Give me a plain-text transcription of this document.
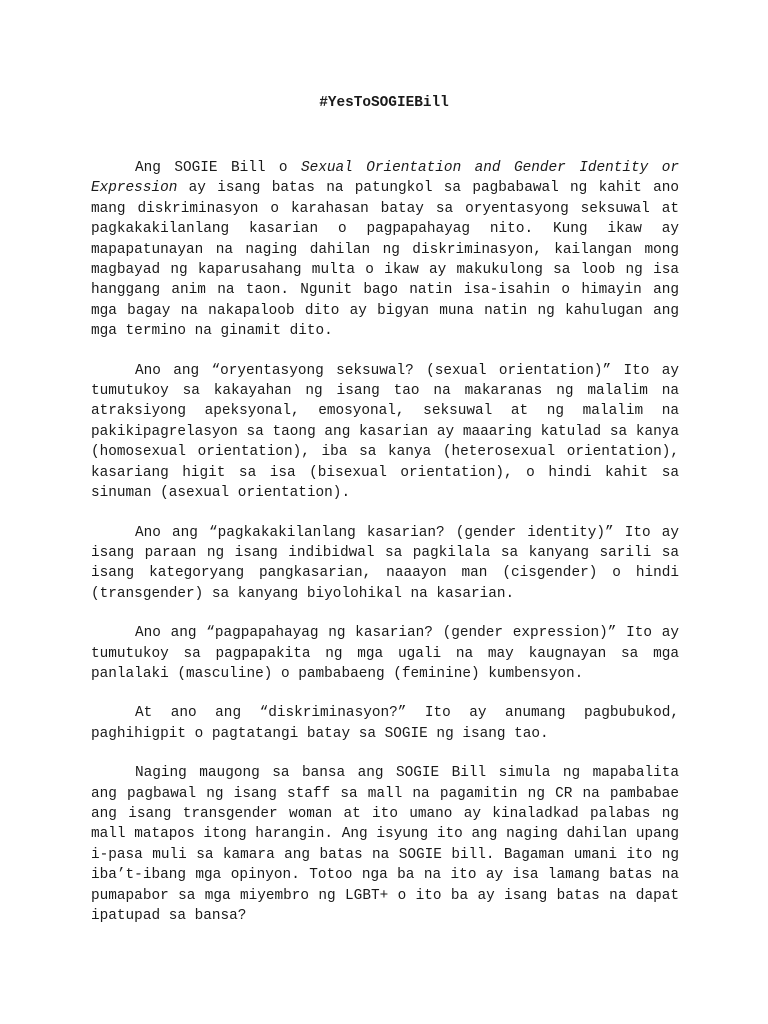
#YesToSOGIEBill

Ang SOGIE Bill o Sexual Orientation and Gender Identity or Expression ay isang batas na patungkol sa pagbabawal ng kahit ano mang diskriminasyon o karahasan batay sa oryentasyong seksuwal at pagkakakilanlang kasarian o pagpapahayag nito. Kung ikaw ay mapapatunayan na naging dahilan ng diskriminasyon, kailangan mong magbayad ng kaparusahang multa o ikaw ay makukulong sa loob ng isa hanggang anim na taon. Ngunit bago natin isa-isahin o himayin ang mga bagay na nakapaloob dito ay bigyan muna natin ng kahulugan ang mga termino na ginamit dito.

Ano ang “oryentasyong seksuwal? (sexual orientation)” Ito ay tumutukoy sa kakayahan ng isang tao na makaranas ng malalim na atraksiyong apeksyonal, emosyonal, seksuwal at ng malalim na pakikipagrelasyon sa taong ang kasarian ay maaaring katulad sa kanya (homosexual orientation), iba sa kanya (heterosexual orientation), kasariang higit sa isa (bisexual orientation), o hindi kahit sa sinuman (asexual orientation).

Ano ang “pagkakakilanlang kasarian? (gender identity)” Ito ay isang paraan ng isang indibidwal sa pagkilala sa kanyang sarili sa isang kategoryang pangkasarian, naaayon man (cisgender) o hindi (transgender) sa kanyang biyolohikal na kasarian.

Ano ang “pagpapahayag ng kasarian? (gender expression)” Ito ay tumutukoy sa pagpapakita ng mga ugali na may kaugnayan sa mga panlalaki (masculine) o pambabaeng (feminine) kumbensyon.

At ano ang “diskriminasyon?” Ito ay anumang pagbubukod, paghihigpit o pagtatangi batay sa SOGIE ng isang tao.

Naging maugong sa bansa ang SOGIE Bill simula ng mapabalita ang pagbawal ng isang staff sa mall na pagamitin ng CR na pambabae ang isang transgender woman at ito umano ay kinaladkad palabas ng mall matapos itong harangin. Ang isyung ito ang naging dahilan upang i-pasa muli sa kamara ang batas na SOGIE bill. Bagaman umani ito ng iba’t-ibang mga opinyon. Totoo nga ba na ito ay isa lamang batas na pumapabor sa mga miyembro ng LGBT+ o ito ba ay isang batas na dapat ipatupad sa bansa?
